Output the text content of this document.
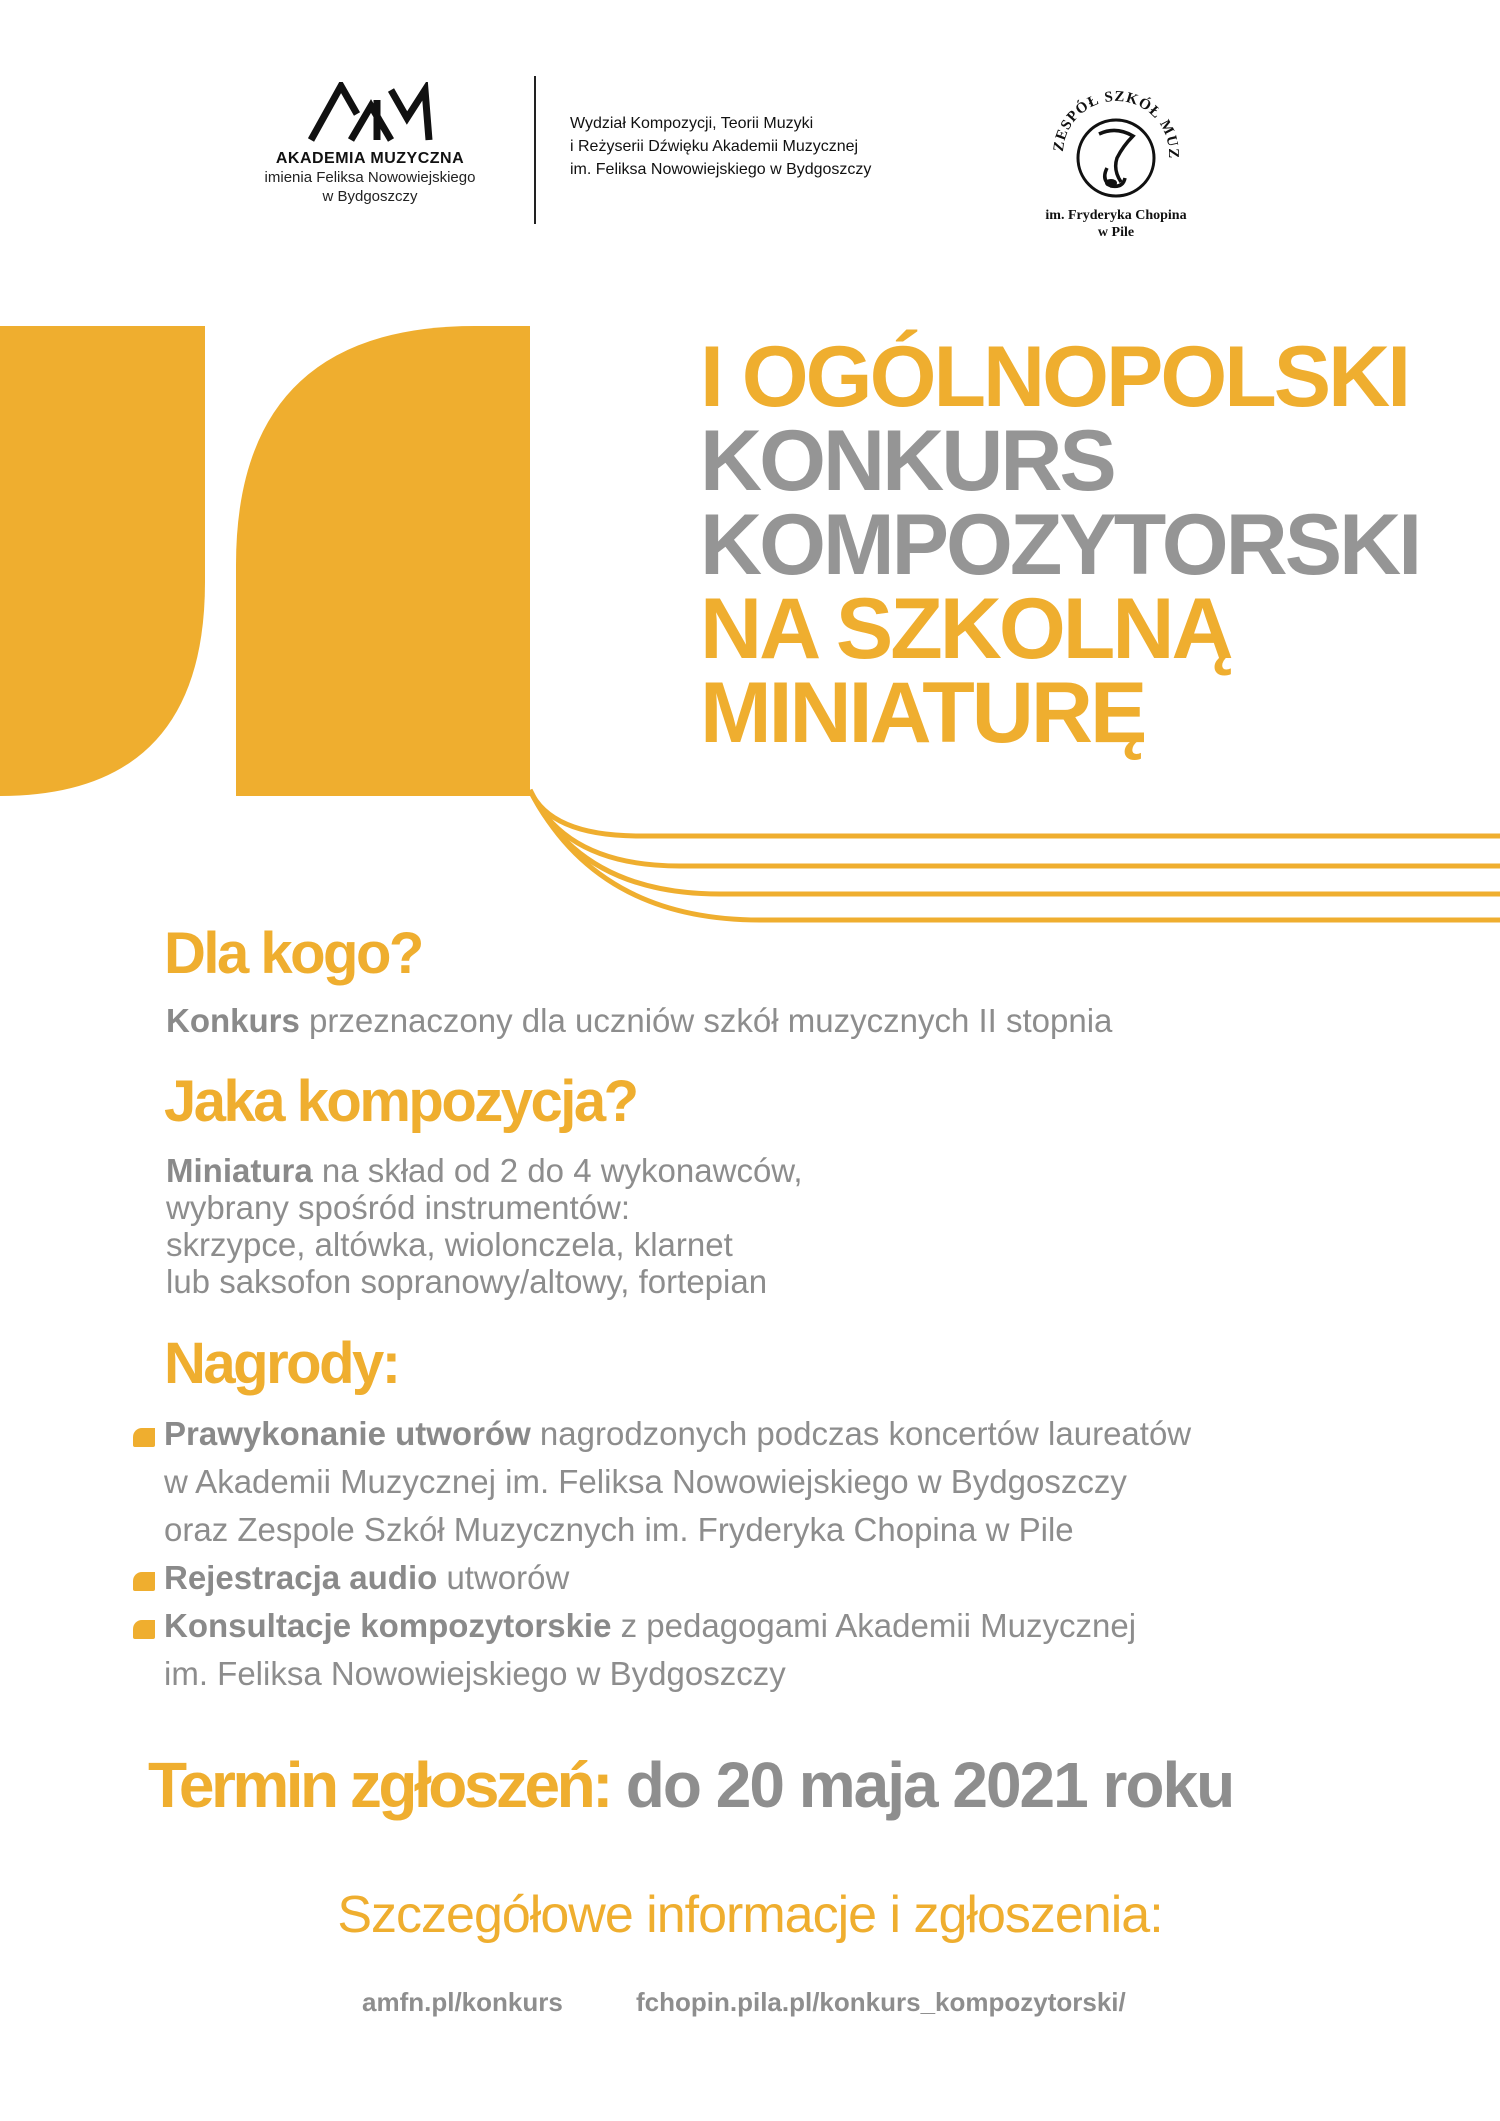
AKADEMIA MUZYCZNA
imienia Feliksa Nowowiejskiego
w Bydgoszczy
Wydział Kompozycji, Teorii Muzyki
i Reżyserii Dźwięku Akademii Muzycznej
im. Feliksa Nowowiejskiego w Bydgoszczy
ZESPÓŁ SZKÓŁ MUZ
im. Fryderyka Chopina
w Pile
I OGÓLNOPOLSKI
KONKURS
KOMPOZYTORSKI
NA SZKOLNĄ
MINIATURĘ
Dla kogo?
Konkurs przeznaczony dla uczniów szkół muzycznych II stopnia
Jaka kompozycja?
Miniatura na skład od 2 do 4 wykonawców,
wybrany spośród instrumentów:
skrzypce, altówka, wiolonczela, klarnet
lub saksofon sopranowy/altowy, fortepian
Nagrody:
Prawykonanie utworów nagrodzonych podczas koncertów laureatów
w Akademii Muzycznej im. Feliksa Nowowiejskiego w Bydgoszczy
oraz Zespole Szkół Muzycznych im. Fryderyka Chopina w Pile
Rejestracja audio utworów
Konsultacje kompozytorskie z pedagogami Akademii Muzycznej
im. Feliksa Nowowiejskiego w Bydgoszczy
Termin zgłoszeń: do 20 maja 2021 roku
Szczegółowe informacje i zgłoszenia:
amfn.pl/konkurs	fchopin.pila.pl/konkurs_kompozytorski/
